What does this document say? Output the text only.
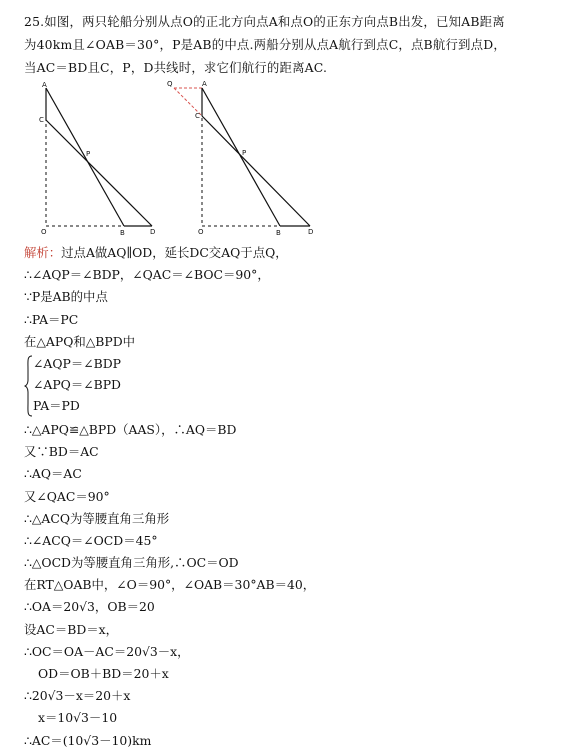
25.如图，两只轮船分别从点O的正北方向点A和点O的正东方向点B出发，已知AB距离
为40km且∠OAB＝30°，P是AB的中点.两船分别从点A航行到点C，点B航行到点D，
当AC＝BD且C，P，D共线时，求它们航行的距离AC.
A
C
P
O	B	D
Q	A
C
P
O	B	D
解析：过点A做AQ∥OD，延长DC交AQ于点Q，
∴∠AQP＝∠BDP，∠QAC＝∠BOC＝90°，
∵P是AB的中点
∴PA＝PC
在△APQ和△BPD中
∠AQP＝∠BDP
∠APQ＝∠BPD
PA＝PD
∴△APQ≌△BPD（AAS），∴AQ＝BD
又∵BD＝AC
∴AQ＝AC
又∠QAC＝90°
∴△ACQ为等腰直角三角形
∴∠ACQ＝∠OCD＝45°
∴△OCD为等腰直角三角形,∴OC＝OD
在RT△OAB中，∠O＝90°，∠OAB＝30°AB＝40，
∴OA＝20√3，OB＝20
设AC＝BD＝x，
∴OC＝OA－AC＝20√3－x，
OD＝OB＋BD＝20＋x
∴20√3－x＝20＋x
x＝10√3－10
∴AC＝(10√3－10)km
